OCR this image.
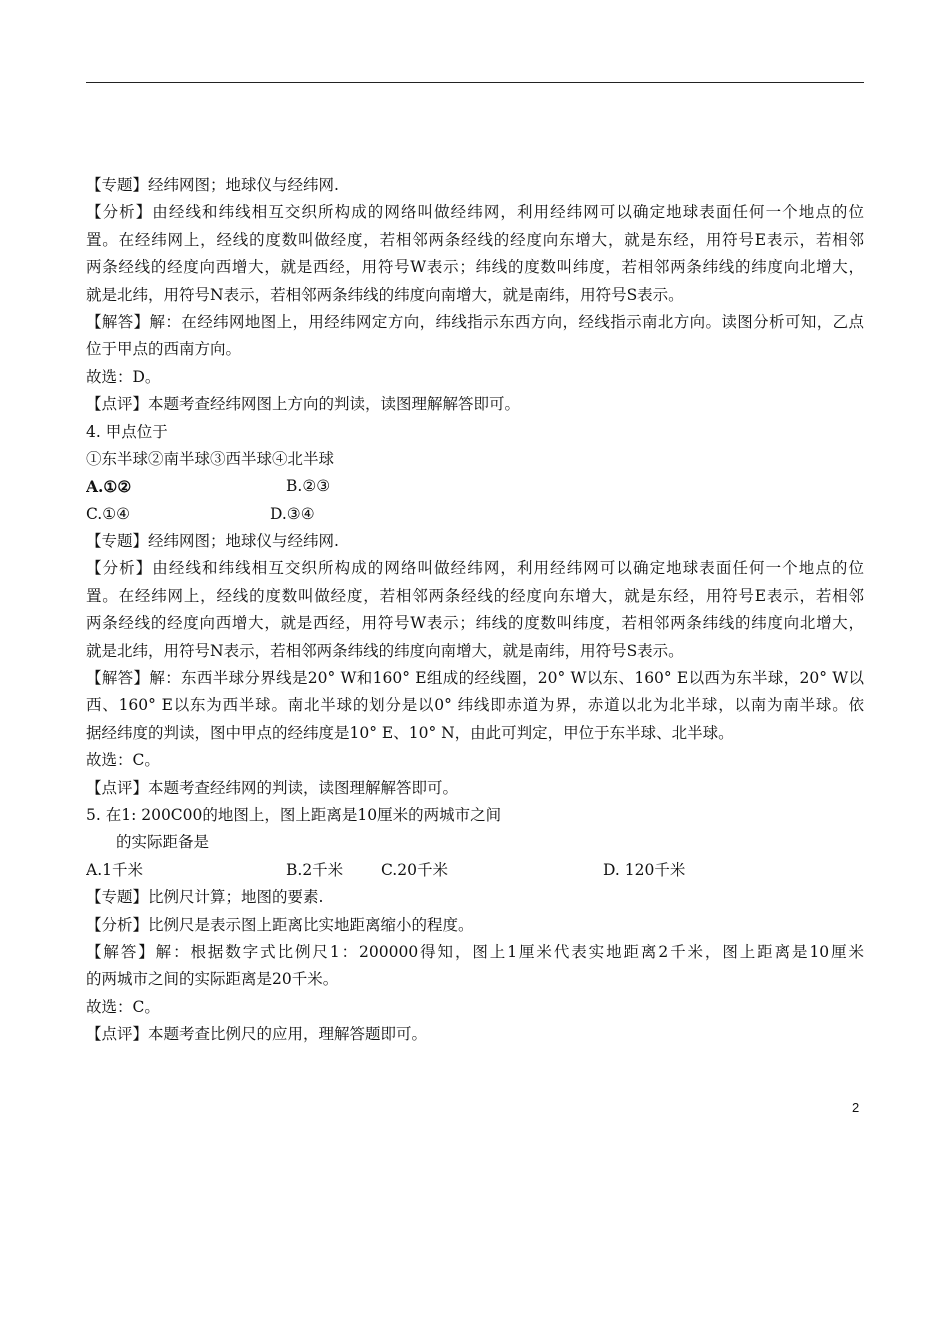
【专题】经纬网图；地球仪与经纬网.
【分析】由经线和纬线相互交织所构成的网络叫做经纬网，利用经纬网可以确定地球表面任何一个地点的位
置。在经纬网上，经线的度数叫做经度，若相邻两条经线的经度向东增大，就是东经，用符号E表示，若相邻
两条经线的经度向西增大，就是西经，用符号W表示；纬线的度数叫纬度，若相邻两条纬线的纬度向北增大，
就是北纬，用符号N表示，若相邻两条纬线的纬度向南增大，就是南纬，用符号S表示。
【解答】解：在经纬网地图上，用经纬网定方向，纬线指示东西方向，经线指示南北方向。读图分析可知，乙点
位于甲点的西南方向。
故选：D。
【点评】本题考查经纬网图上方向的判读，读图理解解答即可。
4. 甲点位于
①东半球②南半球③西半球④北半球
A.①②	B.②③
C.①④	D.③④
【专题】经纬网图；地球仪与经纬网.
【分析】由经线和纬线相互交织所构成的网络叫做经纬网，利用经纬网可以确定地球表面任何一个地点的位
置。在经纬网上，经线的度数叫做经度，若相邻两条经线的经度向东增大，就是东经，用符号E表示，若相邻
两条经线的经度向西增大，就是西经，用符号W表示；纬线的度数叫纬度，若相邻两条纬线的纬度向北增大，
就是北纬，用符号N表示，若相邻两条纬线的纬度向南增大，就是南纬，用符号S表示。
【解答】解：东西半球分界线是20° W和160° E组成的经线圈，20° W以东、160° E以西为东半球，20° W以
西、160° E以东为西半球。南北半球的划分是以0° 纬线即赤道为界，赤道以北为北半球，以南为南半球。依
据经纬度的判读，图中甲点的经纬度是10° E、10° N，由此可判定，甲位于东半球、北半球。
故选：C。
【点评】本题考查经纬网的判读，读图理解解答即可。
5. 在1: 200C00的地图上，图上距离是10厘米的两城市之间
的实际距备是
A.1千米	B.2千米	C.20千米	D. 120千米
【专题】比例尺计算；地图的要素.
【分析】比例尺是表示图上距离比实地距离缩小的程度。
【解答】解：根据数字式比例尺1：200000得知，图上1厘米代表实地距离2千米，图上距离是10厘米
的两城市之间的实际距离是20千米。
故选：C。
【点评】本题考查比例尺的应用，理解答题即可。
2
